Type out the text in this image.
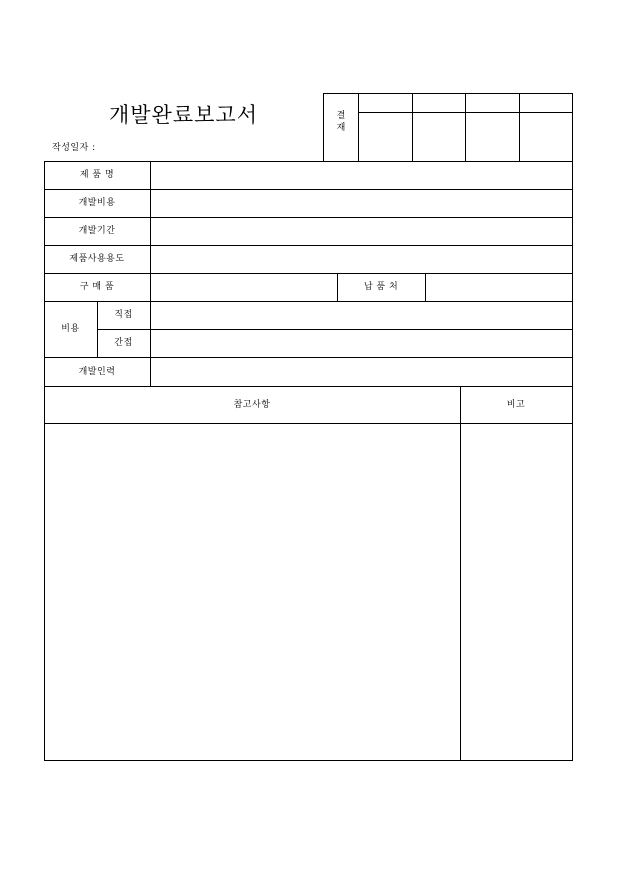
개발완료보고서
작성일자 :
결
재
제 품 명
개발비용
개발기간
제품사용용도
구 매 품	납 품 처
비용
직접
간접
개발인력
참고사항	비고
